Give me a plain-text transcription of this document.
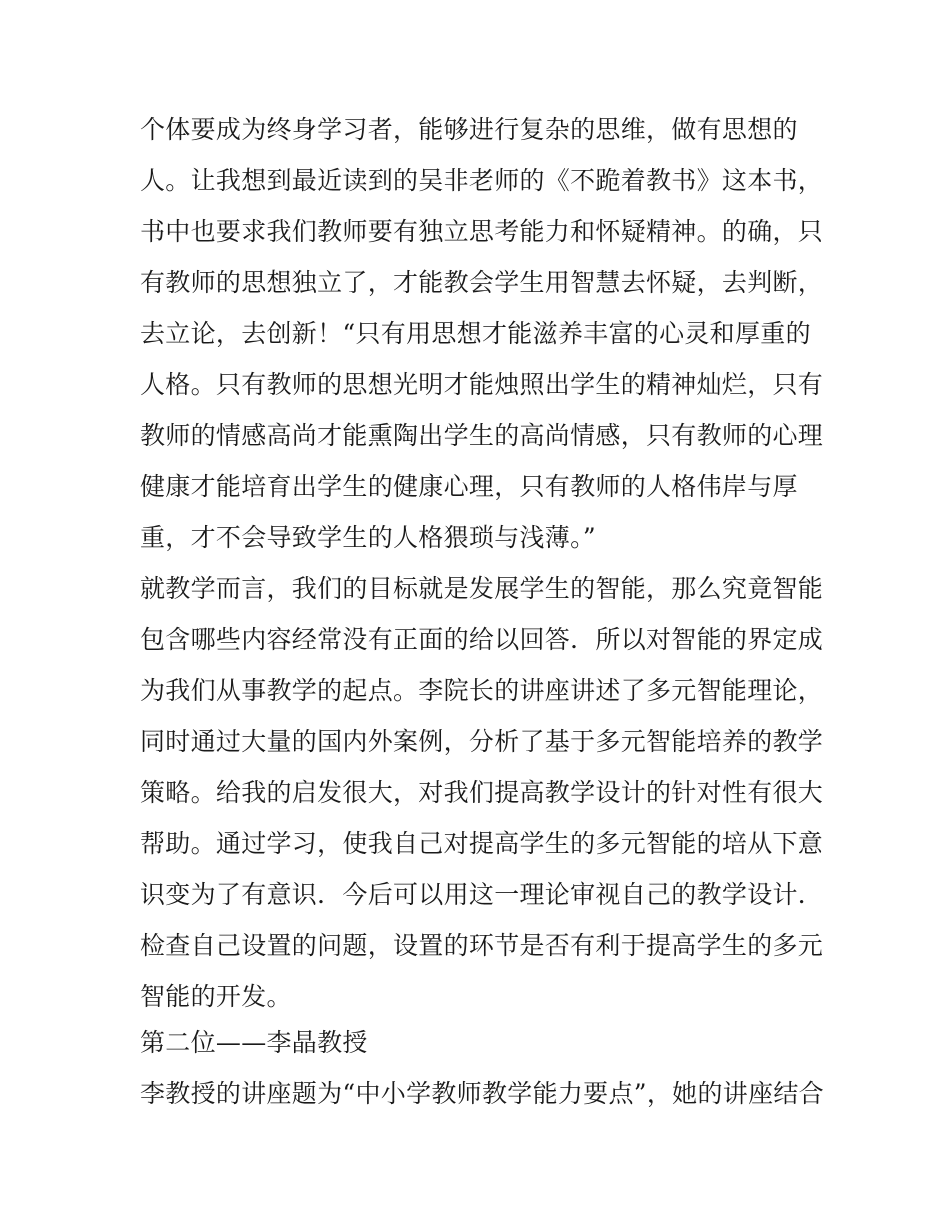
个体要成为终身学习者，能够进行复杂的思维，做有思想的
人。让我想到最近读到的吴非老师的《不跪着教书》这本书，
书中也要求我们教师要有独立思考能力和怀疑精神。的确，只
有教师的思想独立了，才能教会学生用智慧去怀疑，去判断，
去立论，去创新！“只有用思想才能滋养丰富的心灵和厚重的
人格。只有教师的思想光明才能烛照出学生的精神灿烂，只有
教师的情感高尚才能熏陶出学生的高尚情感，只有教师的心理
健康才能培育出学生的健康心理，只有教师的人格伟岸与厚
重，才不会导致学生的人格猥琐与浅薄。”
就教学而言，我们的目标就是发展学生的智能，那么究竟智能
包含哪些内容经常没有正面的给以回答．所以对智能的界定成
为我们从事教学的起点。李院长的讲座讲述了多元智能理论，
同时通过大量的国内外案例，分析了基于多元智能培养的教学
策略。给我的启发很大，对我们提高教学设计的针对性有很大
帮助。通过学习，使我自己对提高学生的多元智能的培从下意
识变为了有意识．今后可以用这一理论审视自己的教学设计．
检查自己设置的问题，设置的环节是否有利于提高学生的多元
智能的开发。
第二位——李晶教授
李教授的讲座题为“中小学教师教学能力要点”，她的讲座结合
